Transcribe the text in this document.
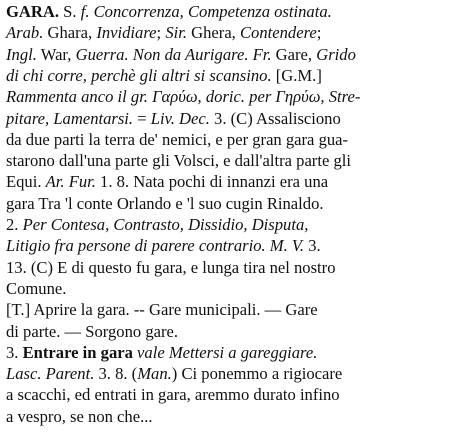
GARA. S. f. Concorrenza, Competenza ostinata.
Arab. Ghara, Invidiare; Sir. Ghera, Contendere;
Ingl. War, Guerra. Non da Aurigare. Fr. Gare, Grido
di chi corre, perchè gli altri si scansino. [G.M.]
Rammenta anco il gr. Γαρύω, doric. per Γηρύω, Stre-
pitare, Lamentarsi. = Liv. Dec. 3. (C) Assalisciono
da due parti la terra de' nemici, e per gran gara gua-
starono dall'una parte gli Volsci, e dall'altra parte gli
Equi. Ar. Fur. 1. 8. Nata pochi di innanzi era una
gara Tra 'l conte Orlando e 'l suo cugin Rinaldo.
2. Per Contesa, Contrasto, Dissidio, Disputa,
Litigio fra persone di parere contrario. M. V. 3.
13. (C) E di questo fu gara, e lunga tira nel nostro
Comune.
[T.] Aprire la gara. -- Gare municipali. — Gare
di parte. — Sorgono gare.
3. Entrare in gara vale Mettersi a gareggiare.
Lasc. Parent. 3. 8. (Man.) Ci ponemmo a rigiocare
a scacchi, ed entrati in gara, aremmo durato infino
a vespro, se non che...
